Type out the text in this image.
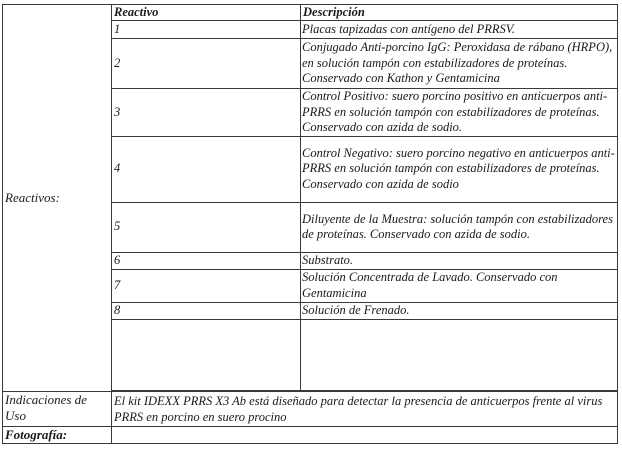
Reactivos:	
Reactivo	Descripción
1	Placas tapizadas con antígeno del PRRSV.
2	Conjugado Anti-porcino IgG: Peroxidasa de rábano (HRPO), en solución tampón con estabilizadores de proteínas. Conservado con Kathon y Gentamicina
3	Control Positivo: suero porcino positivo en anticuerpos anti-PRRS en solución tampón con estabilizadores de proteínas. Conservado con azida de sodio.
4	Control Negativo: suero porcino negativo en anticuerpos anti-PRRS en solución tampón con estabilizadores de proteínas. Conservado con azida de sodio
5	Diluyente de la Muestra: solución tampón con estabilizadores de proteínas. Conservado con azida de sodio.
6	Substrato.
7	Solución Concentrada de Lavado. Conservado con Gentamicina
8	Solución de Frenado.

Indicaciones de Uso	El kit IDEXX PRRS X3 Ab está diseñado para detectar la presencia de anticuerpos frente al virus PRRS en porcino en suero procino
Fotografía:	
